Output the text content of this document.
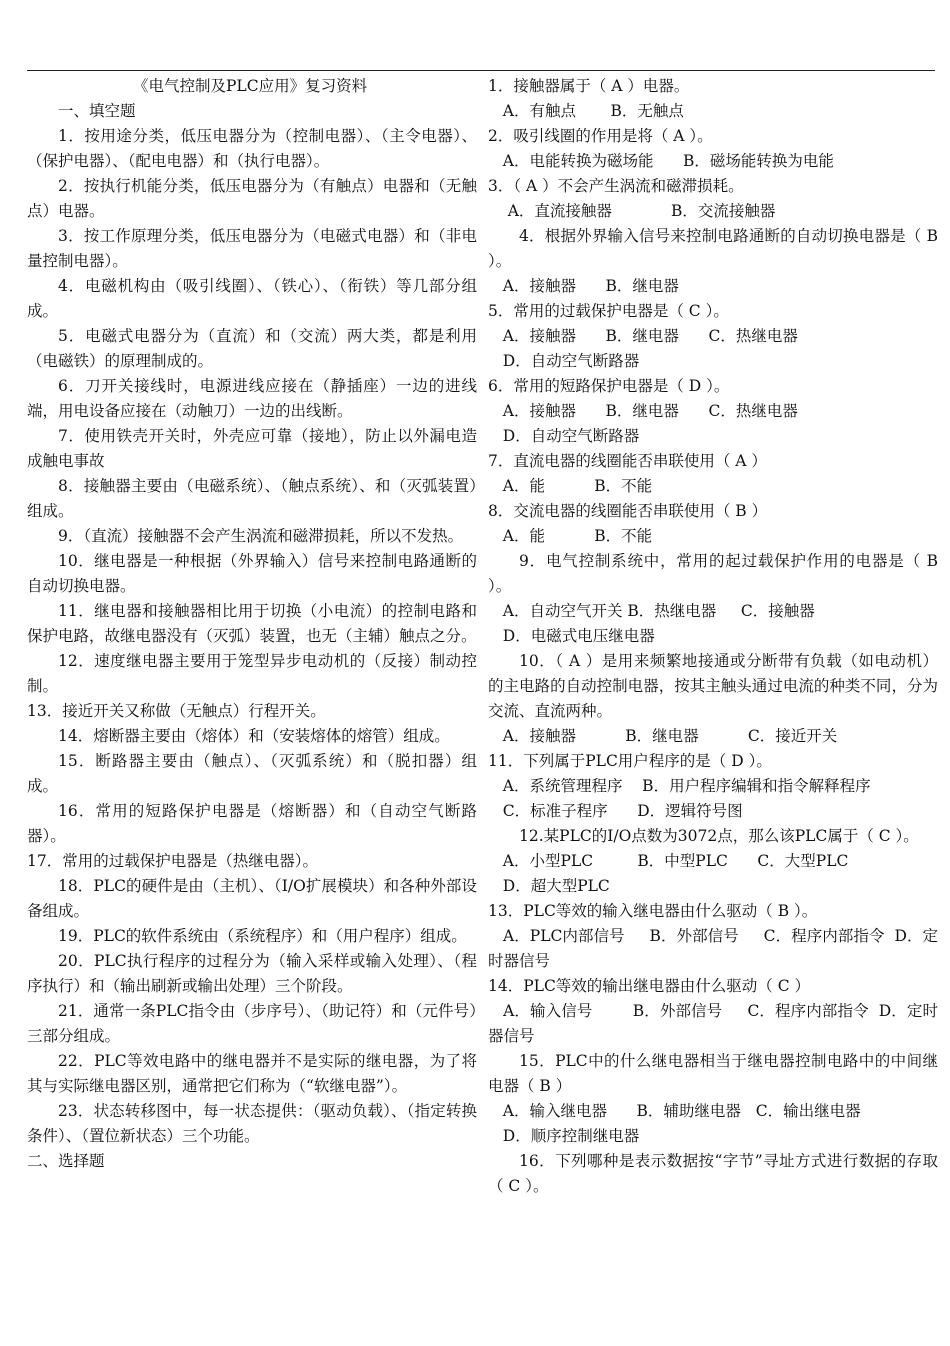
《电气控制及PLC应用》复习资料

一、填空题

1．按用途分类，低压电器分为（控制电器）、（主令电器）、（保护电器）、（配电电器）和（执行电器）。

2．按执行机能分类，低压电器分为（有触点）电器和（无触点）电器。

3．按工作原理分类，低压电器分为（电磁式电器）和（非电量控制电器）。

4．电磁机构由（吸引线圈）、（铁心）、（衔铁）等几部分组成。

5．电磁式电器分为（直流）和（交流）两大类，都是利用（电磁铁）的原理制成的。

6．刀开关接线时，电源进线应接在（静插座）一边的进线端，用电设备应接在（动触刀）一边的出线断。

7．使用铁壳开关时，外壳应可靠（接地），防止以外漏电造成触电事故

8．接触器主要由（电磁系统）、（触点系统）、和（灭弧装置）组成。

9．（直流）接触器不会产生涡流和磁滞损耗，所以不发热。

10．继电器是一种根据（外界输入）信号来控制电路通断的自动切换电器。

11．继电器和接触器相比用于切换（小电流）的控制电路和保护电路，故继电器没有（灭弧）装置，也无（主辅）触点之分。

12．速度继电器主要用于笼型异步电动机的（反接）制动控制。

13．接近开关又称做（无触点）行程开关。

14．熔断器主要由（熔体）和（安装熔体的熔管）组成。

15．断路器主要由（触点）、（灭弧系统）和（脱扣器）组成。

16．常用的短路保护电器是（熔断器）和（自动空气断路器）。

17．常用的过载保护电器是（热继电器）。

18．PLC的硬件是由（主机）、（I/O扩展模块）和各种外部设备组成。

19．PLC的软件系统由（系统程序）和（用户程序）组成。

20．PLC执行程序的过程分为（输入采样或输入处理）、（程序执行）和（输出刷新或输出处理）三个阶段。

21．通常一条PLC指令由（步序号）、（助记符）和（元件号）三部分组成。

22．PLC等效电路中的继电器并不是实际的继电器，为了将其与实际继电器区别，通常把它们称为（“软继电器”）。

23．状态转移图中，每一状态提供：（驱动负载）、（指定转换条件）、（置位新状态）三个功能。

二、选择题

1．接触器属于（ A ）电器。

A．有触点       B．无触点

2．吸引线圈的作用是将（ A ）。

A．电能转换为磁场能      B．磁场能转换为电能

3．（ A ）不会产生涡流和磁滞损耗。

A．直流接触器            B．交流接触器

4．根据外界输入信号来控制电路通断的自动切换电器是（ B ）。

A．接触器      B．继电器

5．常用的过载保护电器是（ C ）。

A．接触器      B．继电器      C．热继电器

D．自动空气断路器

6．常用的短路保护电器是（ D ）。

A．接触器      B．继电器      C．热继电器

D．自动空气断路器

7．直流电器的线圈能否串联使用（ A ）

A．能          B．不能

8．交流电器的线圈能否串联使用（ B ）

A．能          B．不能

9．电气控制系统中，常用的起过载保护作用的电器是（ B ）。

A．自动空气开关 B．热继电器     C．接触器

D．电磁式电压继电器

10．（ A ）是用来频繁地接通或分断带有负载（如电动机）的主电路的自动控制电器，按其主触头通过电流的种类不同，分为交流、直流两种。

A．接触器          B．继电器          C．接近开关

11．下列属于PLC用户程序的是（ D ）。

A．系统管理程序    B．用户程序编辑和指令解释程序

C．标准子程序      D．逻辑符号图

12.某PLC的I/O点数为3072点，那么该PLC属于（ C ）。

A．小型PLC         B．中型PLC      C．大型PLC

D．超大型PLC

13．PLC等效的输入继电器由什么驱动（ B ）。

A．PLC内部信号     B．外部信号     C．程序内部指令  D．定时器信号

14．PLC等效的输出继电器由什么驱动（ C ）

A．输入信号        B．外部信号     C．程序内部指令  D．定时器信号

15．PLC中的什么继电器相当于继电器控制电路中的中间继电器（ B ）

A．输入继电器      B．辅助继电器   C．输出继电器

D．顺序控制继电器

16．下列哪种是表示数据按“字节”寻址方式进行数据的存取（ C ）。
